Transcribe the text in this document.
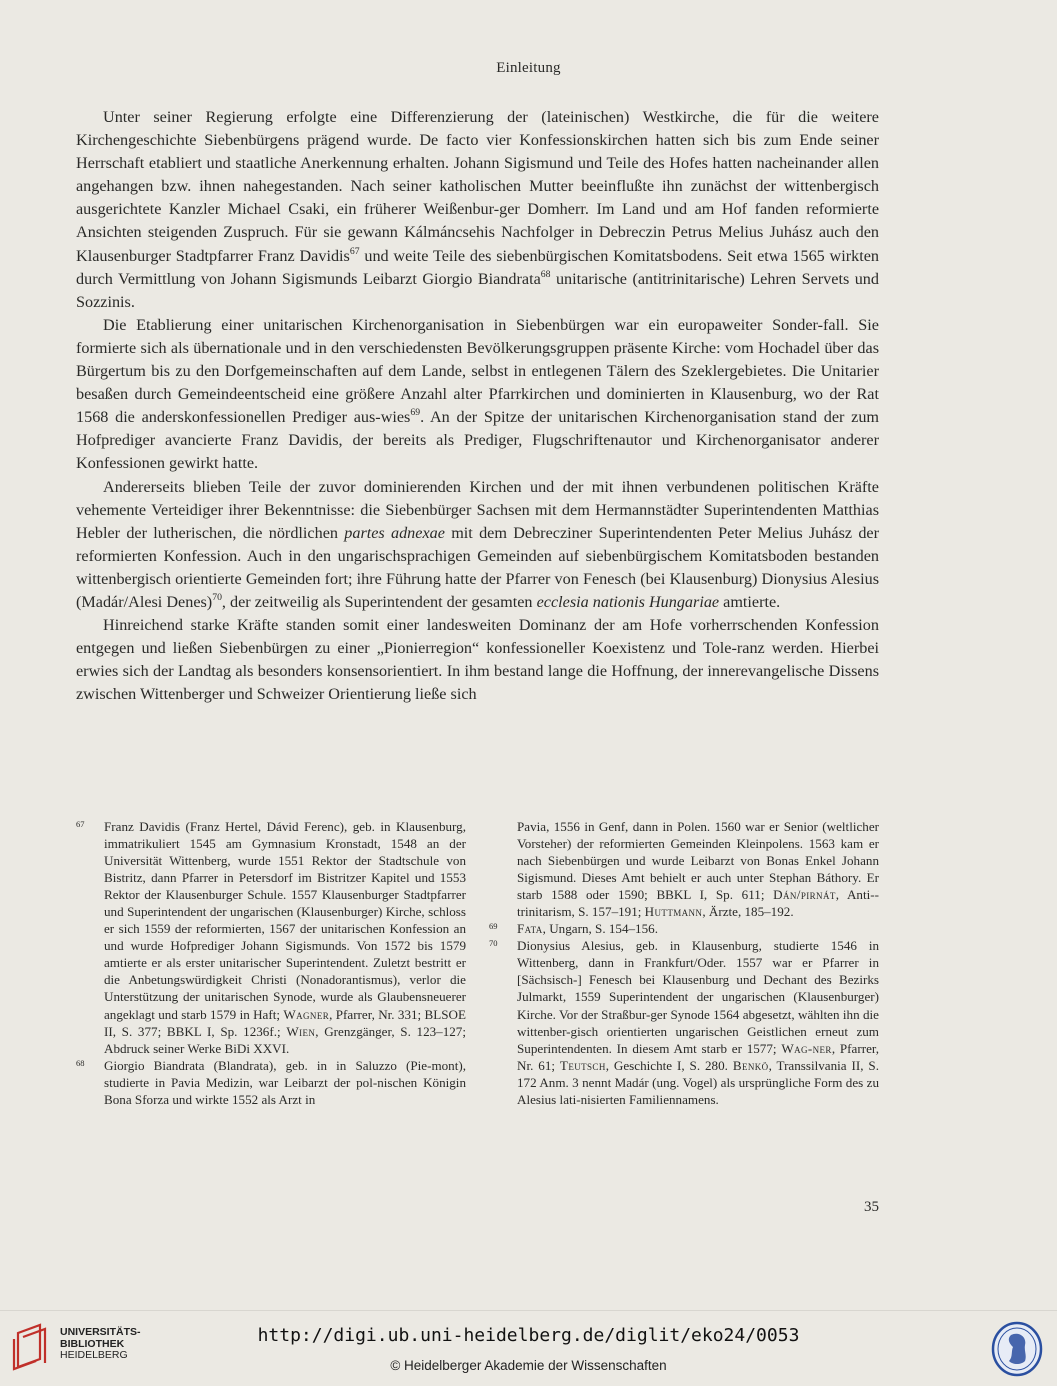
Einleitung

Unter seiner Regierung erfolgte eine Differenzierung der (lateinischen) Westkirche, die für die weitere Kirchengeschichte Siebenbürgens prägend wurde. De facto vier Konfessionskirchen hatten sich bis zum Ende seiner Herrschaft etabliert und staatliche Anerkennung erhalten. Johann Sigismund und Teile des Hofes hatten nacheinander allen angehangen bzw. ihnen nahegestanden. Nach seiner katholischen Mutter beeinflußte ihn zunächst der wittenbergisch ausgerichtete Kanzler Michael Csaki, ein früherer Weißenbur-ger Domherr. Im Land und am Hof fanden reformierte Ansichten steigenden Zuspruch. Für sie gewann Kálmáncsehis Nachfolger in Debreczin Petrus Melius Juhász auch den Klausenburger Stadtpfarrer Franz Davidis$^{67}$ und weite Teile des siebenbürgischen Komitatsbodens. Seit etwa 1565 wirkten durch Vermittlung von Johann Sigismunds Leibarzt Giorgio Biandrata$^{68}$ unitarische (antitrinitarische) Lehren Servets und Sozzinis.

Die Etablierung einer unitarischen Kirchenorganisation in Siebenbürgen war ein europaweiter Sonder-fall. Sie formierte sich als übernationale und in den verschiedensten Bevölkerungsgruppen präsente Kirche: vom Hochadel über das Bürgertum bis zu den Dorfgemeinschaften auf dem Lande, selbst in entlegenen Tälern des Szeklergebietes. Die Unitarier besaßen durch Gemeindeentscheid eine größere Anzahl alter Pfarrkirchen und dominierten in Klausenburg, wo der Rat 1568 die anderskonfessionellen Prediger aus-wies$^{69}$. An der Spitze der unitarischen Kirchenorganisation stand der zum Hofprediger avancierte Franz Davidis, der bereits als Prediger, Flugschriftenautor und Kirchenorganisator anderer Konfessionen gewirkt hatte.

Andererseits blieben Teile der zuvor dominierenden Kirchen und der mit ihnen verbundenen politischen Kräfte vehemente Verteidiger ihrer Bekenntnisse: die Siebenbürger Sachsen mit dem Hermannstädter Superintendenten Matthias Hebler der lutherischen, die nördlichen partes adnexae mit dem Debrecziner Superintendenten Peter Melius Juhász der reformierten Konfession. Auch in den ungarischsprachigen Gemeinden auf siebenbürgischem Komitatsboden bestanden wittenbergisch orientierte Gemeinden fort; ihre Führung hatte der Pfarrer von Fenesch (bei Klausenburg) Dionysius Alesius (Madár/Alesi Denes)$^{70}$, der zeitweilig als Superintendent der gesamten ecclesia nationis Hungariae amtierte.

Hinreichend starke Kräfte standen somit einer landesweiten Dominanz der am Hofe vorherrschenden Konfession entgegen und ließen Siebenbürgen zu einer „Pionierregion“ konfessioneller Koexistenz und Tole-ranz werden. Hierbei erwies sich der Landtag als besonders konsensorientiert. In ihm bestand lange die Hoffnung, der innerevangelische Dissens zwischen Wittenberger und Schweizer Orientierung ließe sich

67 Franz Davidis (Franz Hertel, Dávid Ferenc), geb. in Klausenburg, immatrikuliert 1545 am Gymnasium Kronstadt, 1548 an der Universität Wittenberg, wurde 1551 Rektor der Stadtschule von Bistritz, dann Pfarrer in Petersdorf im Bistritzer Kapitel und 1553 Rektor der Klausenburger Schule. 1557 Klausenburger Stadtpfarrer und Superintendent der ungarischen (Klausenburger) Kirche, schloss er sich 1559 der reformierten, 1567 der unitarischen Konfession an und wurde Hofprediger Johann Sigismunds. Von 1572 bis 1579 amtierte er als erster unitarischer Superintendent. Zuletzt bestritt er die Anbetungswürdigkeit Christi (Nonadorantismus), verlor die Unterstützung der unitarischen Synode, wurde als Glaubensneuerer angeklagt und starb 1579 in Haft; Wagner, Pfarrer, Nr. 331; BLSOE II, S. 377; BBKL I, Sp. 1236f.; Wien, Grenzgänger, S. 123–127; Abdruck seiner Werke BiDi XXVI.

68 Giorgio Biandrata (Blandrata), geb. in in Saluzzo (Pie-mont), studierte in Pavia Medizin, war Leibarzt der pol-nischen Königin Bona Sforza und wirkte 1552 als Arzt in

Pavia, 1556 in Genf, dann in Polen. 1560 war er Senior (weltlicher Vorsteher) der reformierten Gemeinden Kleinpolens. 1563 kam er nach Siebenbürgen und wurde Leibarzt von Bonas Enkel Johann Sigismund. Dieses Amt behielt er auch unter Stephan Báthory. Er starb 1588 oder 1590; BBKL I, Sp. 611; Dán/pirnát, Anti-trinitarism, S. 157–191; Huttmann, Ärzte, 185–192.

69 Fata, Ungarn, S. 154–156.

70 Dionysius Alesius, geb. in Klausenburg, studierte 1546 in Wittenberg, dann in Frankfurt/Oder. 1557 war er Pfarrer in [Sächsisch-] Fenesch bei Klausenburg und Dechant des Bezirks Julmarkt, 1559 Superintendent der ungarischen (Klausenburger) Kirche. Vor der Straßbur-ger Synode 1564 abgesetzt, wählten ihn die wittenber-gisch orientierten ungarischen Geistlichen erneut zum Superintendenten. In diesem Amt starb er 1577; Wag-ner, Pfarrer, Nr. 61; Teutsch, Geschichte I, S. 280. Benkö, Transsilvania II, S. 172 Anm. 3 nennt Madár (ung. Vogel) als ursprüngliche Form des zu Alesius lati-nisierten Familiennamens.

35
UNIVERSITÄTS-
BIBLIOTHEK
HEIDELBERG
http://digi.ub.uni-heidelberg.de/diglit/eko24/0053
© Heidelberger Akademie der Wissenschaften
